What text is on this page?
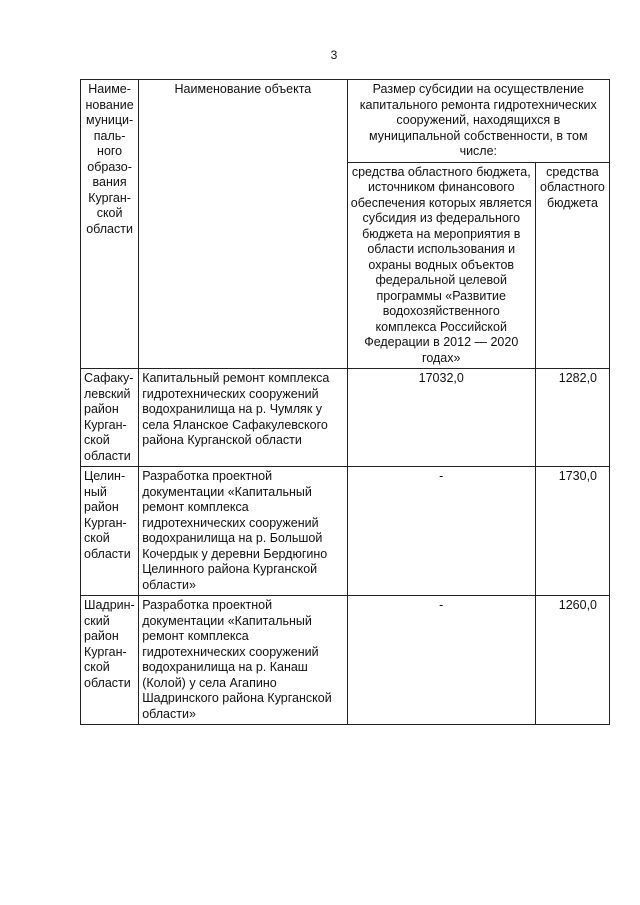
3
Наиме-нование муници-паль-ного образо-вания Курган-ской области	Наименование объекта	Размер субсидии на осуществление капитального ремонта гидротехнических сооружений, находящихся в муниципальной собственности, в том числе:	
		средства областного бюджета, источником финансового обеспечения которых является субсидия из федерального бюджета на мероприятия в области использования и охраны водных объектов федеральной целевой программы «Развитие водохозяйственного комплекса Российской Федерации в 2012 — 2020 годах»	средства областного бюджета
Сафаку-левский район Курган-ской области	Капитальный ремонт комплекса гидротехнических сооружений водохранилища на р. Чумляк у села Яланское Сафакулевского района Курганской области	17032,0	1282,0
Целин-ный район Курган-ской области	Разработка проектной документации «Капитальный ремонт комплекса гидротехнических сооружений водохранилища на р. Большой Кочердык у деревни Бердюгино Целинного района Курганской области»	-	1730,0
Шадрин-ский район Курган-ской области	Разработка проектной документации «Капитальный ремонт комплекса гидротехнических сооружений водохранилища на р. Канаш (Колой) у села Агапино Шадринского района Курганской области»	-	1260,0
